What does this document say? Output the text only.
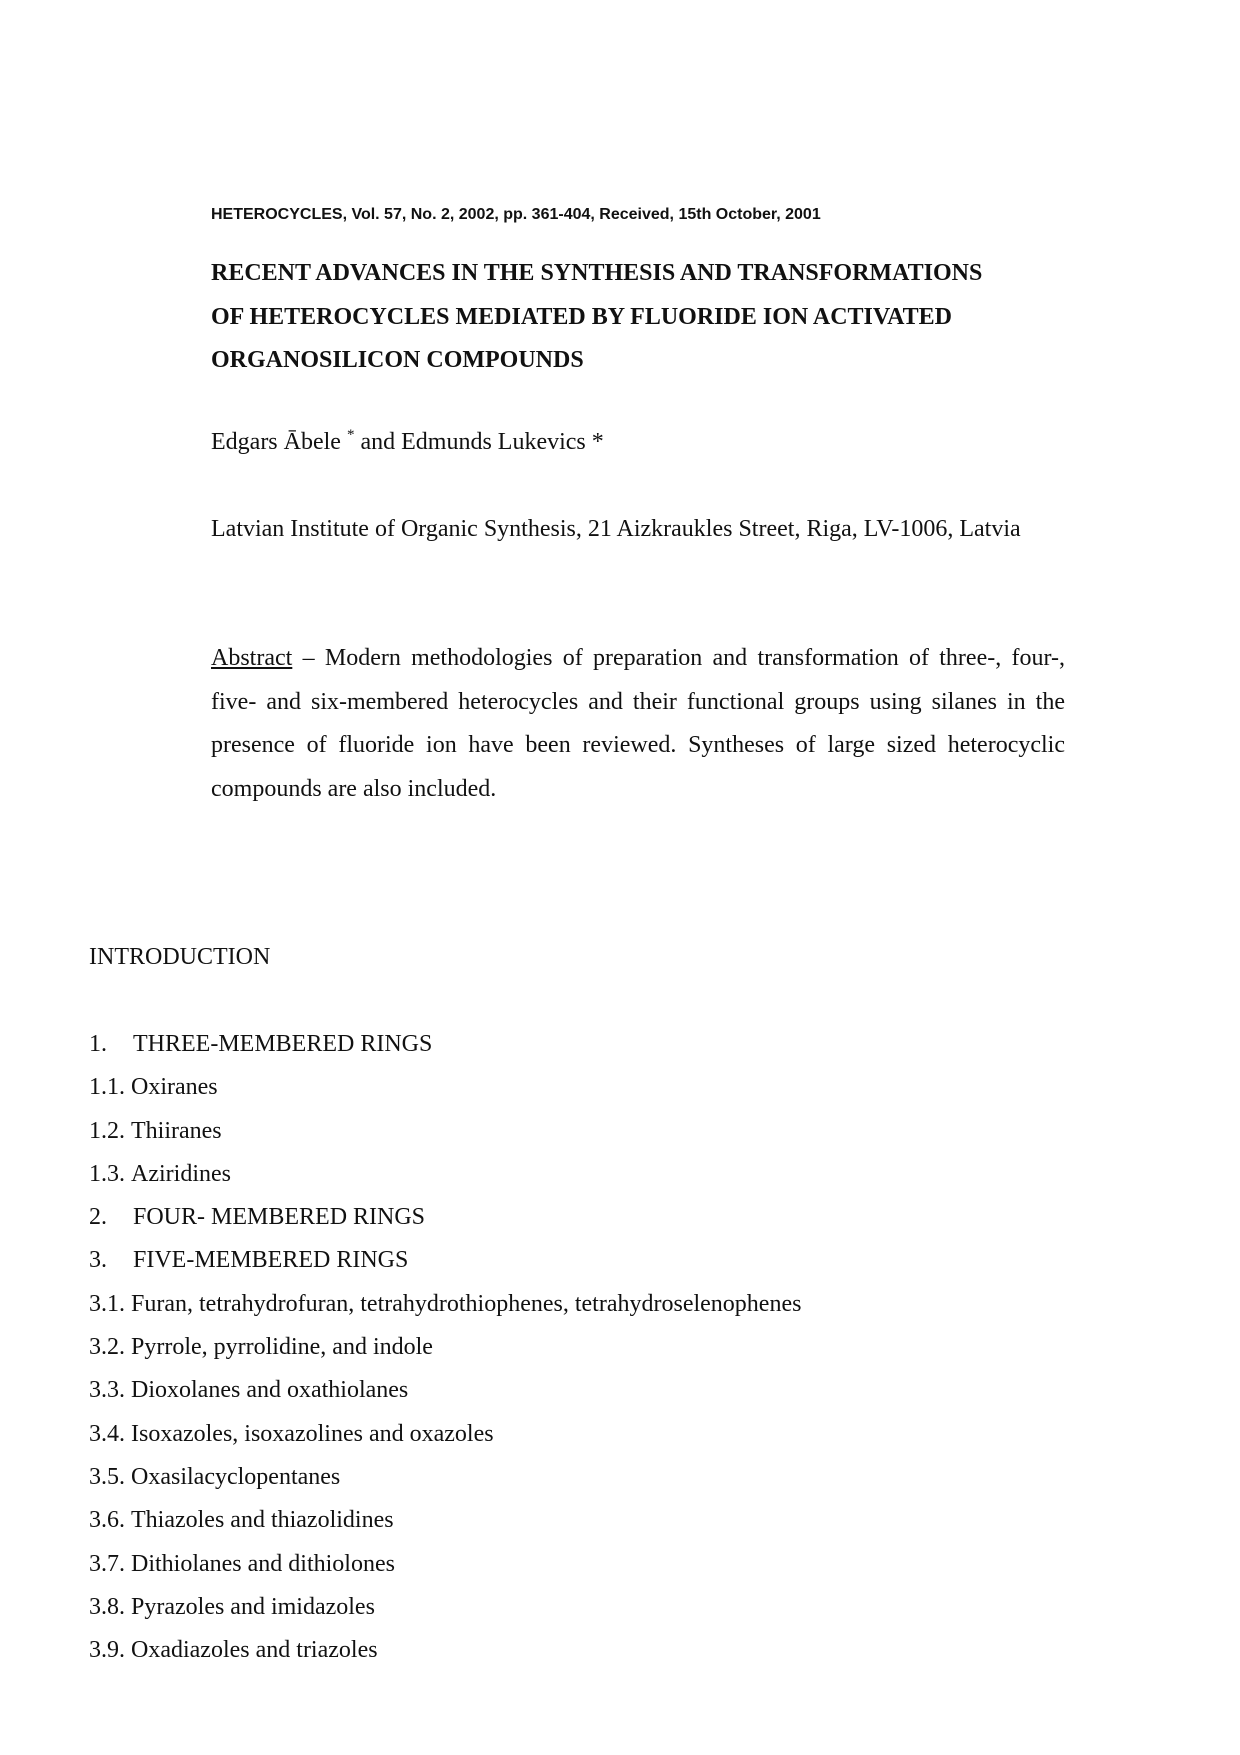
HETEROCYCLES, Vol. 57, No. 2, 2002, pp. 361-404, Received, 15th October, 2001
RECENT ADVANCES IN THE SYNTHESIS AND TRANSFORMATIONS
OF HETEROCYCLES MEDIATED BY FLUORIDE ION ACTIVATED
ORGANOSILICON COMPOUNDS
Edgars Ābele * and Edmunds Lukevics *
Latvian Institute of Organic Synthesis, 21 Aizkraukles Street, Riga, LV-1006, Latvia

Abstract – Modern methodologies of preparation and transformation of three-, four-, five- and six-membered heterocycles and their functional groups using silanes in the presence of fluoride ion have been reviewed. Syntheses of large sized heterocyclic compounds are also included.

INTRODUCTION
1. THREE-MEMBERED RINGS
1.1. Oxiranes
1.2. Thiiranes
1.3. Aziridines
2. FOUR- MEMBERED RINGS
3. FIVE-MEMBERED RINGS
3.1. Furan, tetrahydrofuran, tetrahydrothiophenes, tetrahydroselenophenes
3.2. Pyrrole, pyrrolidine, and indole
3.3. Dioxolanes and oxathiolanes
3.4. Isoxazoles, isoxazolines and oxazoles
3.5. Oxasilacyclopentanes
3.6. Thiazoles and thiazolidines
3.7. Dithiolanes and dithiolones
3.8. Pyrazoles and imidazoles
3.9. Oxadiazoles and triazoles
